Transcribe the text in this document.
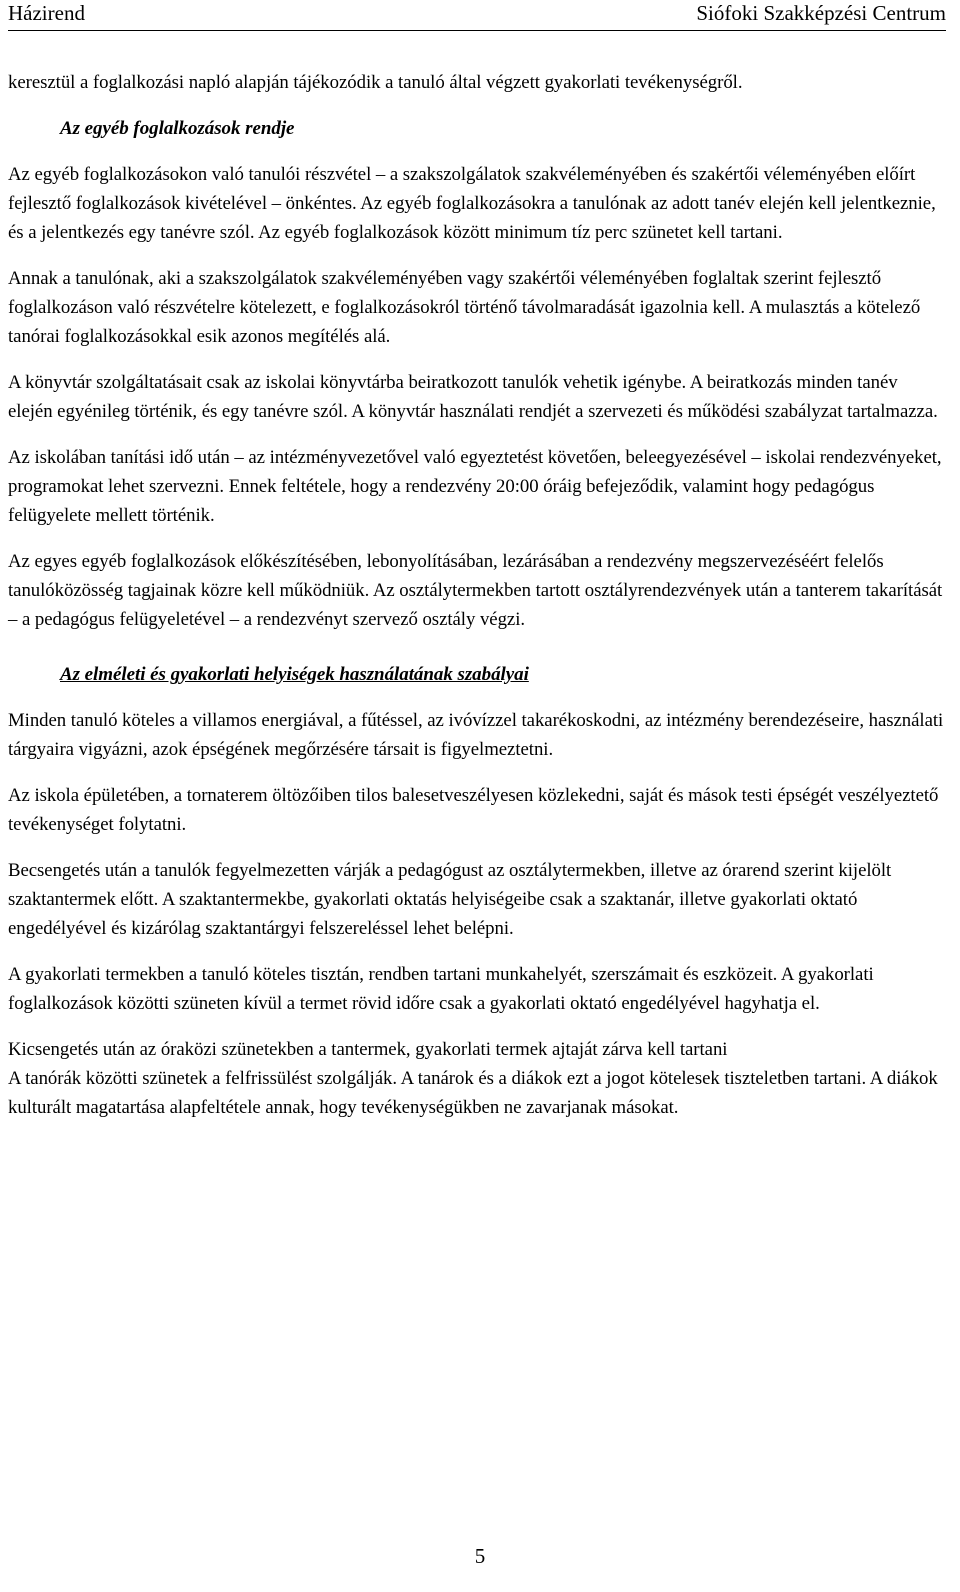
Házirend	Siófoki Szakképzési Centrum

keresztül a foglalkozási napló alapján tájékozódik a tanuló által végzett gyakorlati tevékenységről.

Az egyéb foglalkozások rendje

Az egyéb foglalkozásokon való tanulói részvétel – a szakszolgálatok szakvéleményében és szakértői véleményében előírt fejlesztő foglalkozások kivételével – önkéntes. Az egyéb foglalkozásokra a tanulónak az adott tanév elején kell jelentkeznie, és a jelentkezés egy tanévre szól. Az egyéb foglalkozások között minimum tíz perc szünetet kell tartani.

Annak a tanulónak, aki a szakszolgálatok szakvéleményében vagy szakértői véleményében foglaltak szerint fejlesztő foglalkozáson való részvételre kötelezett, e foglalkozásokról történő távolmaradását igazolnia kell. A mulasztás a kötelező tanórai foglalkozásokkal esik azonos megítélés alá.

A könyvtár szolgáltatásait csak az iskolai könyvtárba beiratkozott tanulók vehetik igénybe. A beiratkozás minden tanév elején egyénileg történik, és egy tanévre szól. A könyvtár használati rendjét a szervezeti és működési szabályzat tartalmazza.

Az iskolában tanítási idő után – az intézményvezetővel való egyeztetést követően, beleegyezésével – iskolai rendezvényeket, programokat lehet szervezni. Ennek feltétele, hogy a rendezvény 20:00 óráig befejeződik, valamint hogy pedagógus felügyelete mellett történik.

Az egyes egyéb foglalkozások előkészítésében, lebonyolításában, lezárásában a rendezvény megszervezéséért felelős tanulóközösség tagjainak közre kell működniük. Az osztálytermekben tartott osztályrendezvények után a tanterem takarítását – a pedagógus felügyeletével – a rendezvényt szervező osztály végzi.

Az elméleti és gyakorlati helyiségek használatának szabályai

Minden tanuló köteles a villamos energiával, a fűtéssel, az ivóvízzel takarékoskodni, az intézmény berendezéseire, használati tárgyaira vigyázni, azok épségének megőrzésére társait is figyelmeztetni.

Az iskola épületében, a tornaterem öltözőiben tilos balesetveszélyesen közlekedni, saját és mások testi épségét veszélyeztető tevékenységet folytatni.

Becsengetés után a tanulók fegyelmezetten várják a pedagógust az osztálytermekben, illetve az órarend szerint kijelölt szaktantermek előtt. A szaktantermekbe, gyakorlati oktatás helyiségeibe csak a szaktanár, illetve gyakorlati oktató engedélyével és kizárólag szaktantárgyi felszereléssel lehet belépni.

A gyakorlati termekben a tanuló köteles tisztán, rendben tartani munkahelyét, szerszámait és eszközeit. A gyakorlati foglalkozások közötti szüneten kívül a termet rövid időre csak a gyakorlati oktató engedélyével hagyhatja el.

Kicsengetés után az óraközi szünetekben a tantermek, gyakorlati termek ajtaját zárva kell tartani

A tanórák közötti szünetek a felfrissülést szolgálják. A tanárok és a diákok ezt a jogot kötelesek tiszteletben tartani. A diákok kulturált magatartása alapfeltétele annak, hogy tevékenységükben ne zavarjanak másokat.

5
